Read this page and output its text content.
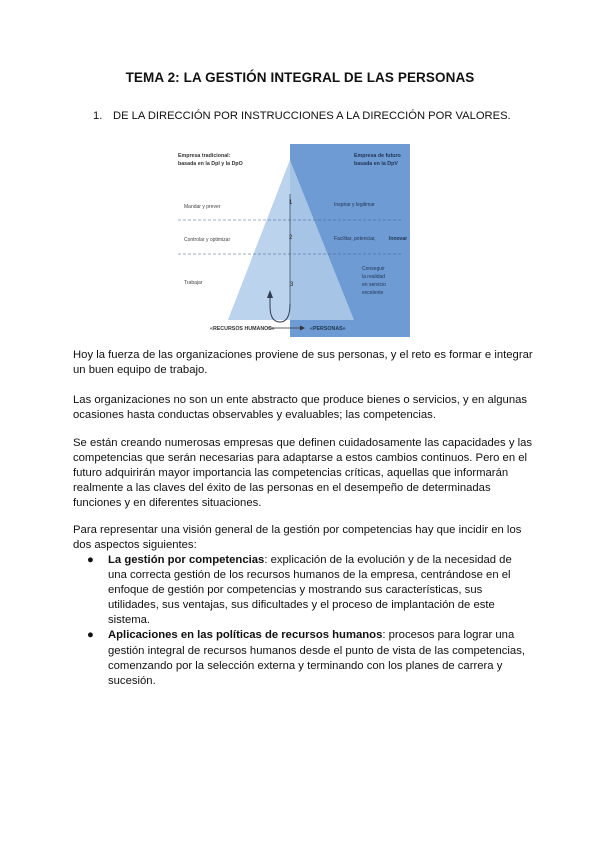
TEMA 2: LA GESTIÓN INTEGRAL DE LAS PERSONAS
1. DE LA DIRECCIÓN POR INSTRUCCIONES A LA DIRECCIÓN POR VALORES.
Empresa tradicional:
basada en la DpI y la DpO
Empresa de futuro
basada en la DpV
Mandar y prever
1	Inspirar y legitimar
Controlar y optimizar	2	Facilitar, potenciar,	Innovar
Trabajar	3
Conseguir
la realidad
en servicio
excelente
«RECURSOS HUMANOS»	«PERSONAS»
Hoy la fuerza de las organizaciones proviene de sus personas, y el reto es formar e integrar un buen equipo de trabajo.
Las organizaciones no son un ente abstracto que produce bienes o servicios, y en algunas ocasiones hasta conductas observables y evaluables; las competencias.
Se están creando numerosas empresas que definen cuidadosamente las capacidades y las competencias que serán necesarias para adaptarse a estos cambios continuos. Pero en el futuro adquirirán mayor importancia las competencias críticas, aquellas que informarán realmente a las claves del éxito de las personas en el desempeño de determinadas funciones y en diferentes situaciones.
Para representar una visión general de la gestión por competencias hay que incidir en los dos aspectos siguientes:
● La gestión por competencias: explicación de la evolución y de la necesidad de una correcta gestión de los recursos humanos de la empresa, centrándose en el enfoque de gestión por competencias y mostrando sus características, sus utilidades, sus ventajas, sus dificultades y el proceso de implantación de este sistema.
● Aplicaciones en las políticas de recursos humanos: procesos para lograr una gestión integral de recursos humanos desde el punto de vista de las competencias, comenzando por la selección externa y terminando con los planes de carrera y sucesión.
